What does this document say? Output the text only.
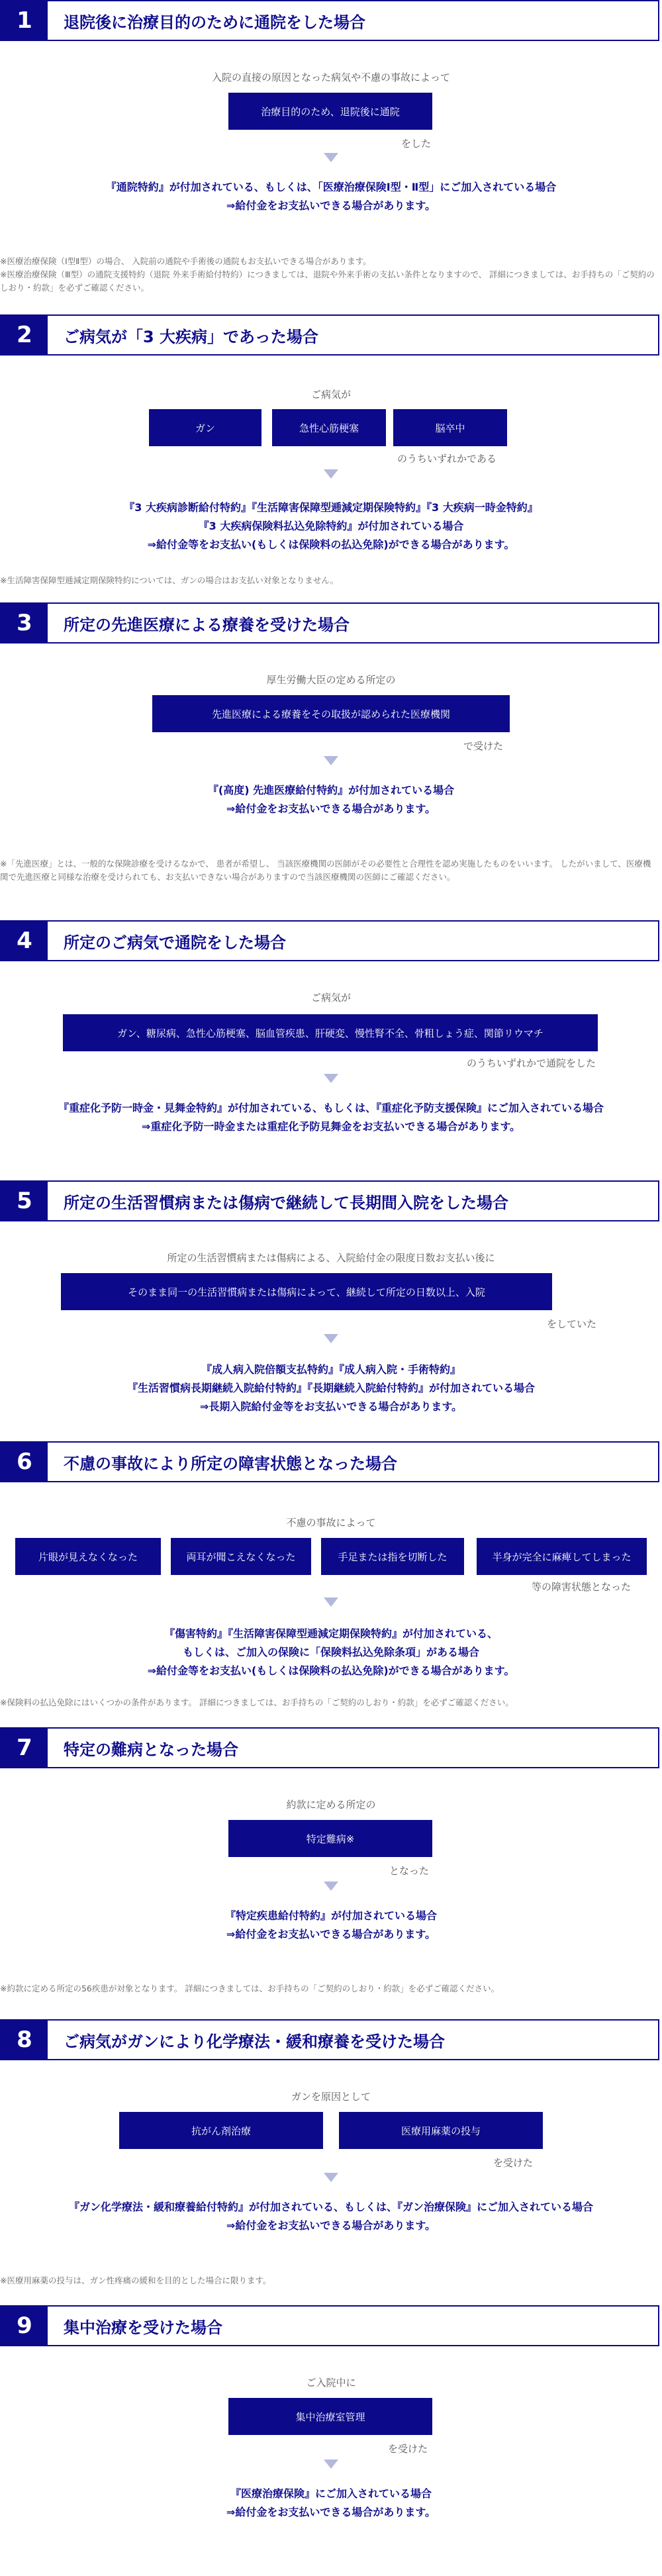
1	退院後に治療目的のために通院をした場合
入院の直接の原因となった病気や不慮の事故によって
治療目的のため、退院後に通院
をした
『通院特約』が付加されている、もしくは、「医療治療保険Ⅰ型・Ⅱ型」にご加入されている場合
⇒給付金をお支払いできる場合があります。
※医療治療保険（Ⅰ型Ⅱ型）の場合、 入院前の通院や手術後の通院もお支払いできる場合があります。
※医療治療保険（Ⅲ型）の通院支援特約（退院 外来手術給付特約）につきましては、退院や外来手術の支払い条件となりますので、 詳細につきましては、お手持ちの「ご契約のしおり・約款」を必ずご確認ください。
2	ご病気が「3 大疾病」であった場合
ご病気が
ガン	急性心筋梗塞	脳卒中
のうちいずれかである
『3 大疾病診断給付特約』『生活障害保障型逓減定期保険特約』『3 大疾病一時金特約』
『3 大疾病保険料払込免除特約』が付加されている場合
⇒給付金等をお支払い(もしくは保険料の払込免除)ができる場合があります。
※生活障害保障型逓減定期保険特約については、ガンの場合はお支払い対象となりません。
3	所定の先進医療による療養を受けた場合
厚生労働大臣の定める所定の
先進医療による療養をその取扱が認められた医療機関
で受けた
『(高度) 先進医療給付特約』が付加されている場合
⇒給付金をお支払いできる場合があります。
※「先進医療」とは、一般的な保険診療を受けるなかで、 患者が希望し、 当該医療機関の医師がその必要性と合理性を認め実施したものをいいます。 したがいまして、医療機関で先進医療と同様な治療を受けられても、お支払いできない場合がありますので当該医療機関の医師にご確認ください。
4	所定のご病気で通院をした場合
ご病気が
ガン、糖尿病、急性心筋梗塞、脳血管疾患、肝硬変、慢性腎不全、骨粗しょう症、関節リウマチ
のうちいずれかで通院をした
『重症化予防一時金・見舞金特約』が付加されている、もしくは、『重症化予防支援保険』にご加入されている場合
⇒重症化予防一時金または重症化予防見舞金をお支払いできる場合があります。
5	所定の生活習慣病または傷病で継続して長期間入院をした場合
所定の生活習慣病または傷病による、入院給付金の限度日数お支払い後に
そのまま同一の生活習慣病または傷病によって、継続して所定の日数以上、入院
をしていた
『成人病入院倍額支払特約』『成人病入院・手術特約』
『生活習慣病長期継続入院給付特約』『長期継続入院給付特約』が付加されている場合
⇒長期入院給付金等をお支払いできる場合があります。
6	不慮の事故により所定の障害状態となった場合
不慮の事故によって
片眼が見えなくなった	両耳が聞こえなくなった	手足または指を切断した	半身が完全に麻痺してしまった
等の障害状態となった
『傷害特約』『生活障害保障型逓減定期保険特約』が付加されている、
もしくは、ご加入の保険に「保険料払込免除条項」がある場合
⇒給付金等をお支払い(もしくは保険料の払込免除)ができる場合があります。
※保険料の払込免除にはいくつかの条件があります。 詳細につきましては、お手持ちの「ご契約のしおり・約款」を必ずご確認ください。
7	特定の難病となった場合
約款に定める所定の
特定難病※
となった
『特定疾患給付特約』が付加されている場合
⇒給付金をお支払いできる場合があります。
※約款に定める所定の56疾患が対象となります。 詳細につきましては、お手持ちの「ご契約のしおり・約款」を必ずご確認ください。
8	ご病気がガンにより化学療法・緩和療養を受けた場合
ガンを原因として
抗がん剤治療	医療用麻薬の投与
を受けた
『ガン化学療法・緩和療養給付特約』が付加されている、もしくは、『ガン治療保険』にご加入されている場合
⇒給付金をお支払いできる場合があります。
※医療用麻薬の投与は、ガン性疼痛の緩和を目的とした場合に限ります。
9	集中治療を受けた場合
ご入院中に
集中治療室管理
を受けた
『医療治療保険』にご加入されている場合
⇒給付金をお支払いできる場合があります。
